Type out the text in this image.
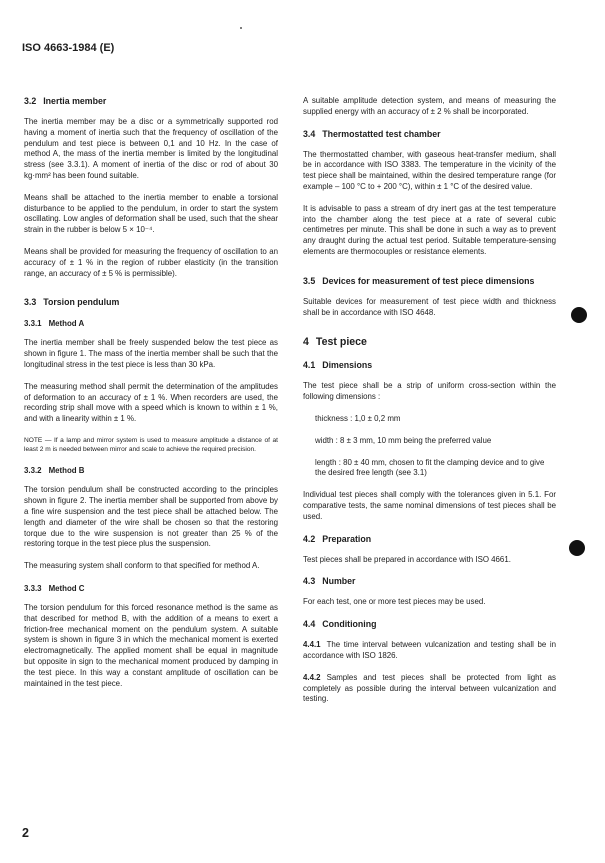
ISO 4663-1984 (E)
3.2 Inertia member

The inertia member may be a disc or a symmetrically supported rod having a moment of inertia such that the frequency of oscillation of the pendulum and test piece is between 0,1 and 10 Hz. In the case of method A, the mass of the inertia member is limited by the longitudinal stress (see 3.3.1). A moment of inertia of the disc or rod of about 30 kg·mm² has been found suitable.

Means shall be attached to the inertia member to enable a torsional disturbance to be applied to the pendulum, in order to start the system oscillating. Low angles of deformation shall be used, such that the shear strain in the rubber is below 5 × 10⁻⁴.

Means shall be provided for measuring the frequency of oscillation to an accuracy of ± 1 % in the region of rubber elasticity (in the transition range, an accuracy of ± 5 % is permissible).

3.3 Torsion pendulum
3.3.1 Method A

The inertia member shall be freely suspended below the test piece as shown in figure 1. The mass of the inertia member shall be such that the longitudinal stress in the test piece is less than 30 kPa.

The measuring method shall permit the determination of the amplitudes of deformation to an accuracy of ± 1 %. When recorders are used, the recording strip shall move with a speed which is known to within ± 1 %, and with a linearity within ± 1 %.

NOTE — If a lamp and mirror system is used to measure amplitude a distance of at least 2 m is needed between mirror and scale to achieve the required precision.

3.3.2 Method B

The torsion pendulum shall be constructed according to the principles shown in figure 2. The inertia member shall be supported from above by a fine wire suspension and the test piece shall be attached below. The length and diameter of the wire shall be chosen so that the restoring torque due to the wire suspension is not greater than 25 % of the restoring torque in the test piece plus the suspension.

The measuring system shall conform to that specified for method A.

3.3.3 Method C

The torsion pendulum for this forced resonance method is the same as that described for method B, with the addition of a means to exert a friction-free mechanical moment on the pendulum system. A suitable system is shown in figure 3 in which the mechanical moment is exerted electromagnetically. The applied moment shall be equal in magnitude but opposite in sign to the mechanical moment produced by damping in the test piece. In this way a constant amplitude of oscillation can be maintained in the test piece.

A suitable amplitude detection system, and means of measuring the supplied energy with an accuracy of ± 2 % shall be incorporated.

3.4 Thermostatted test chamber

The thermostatted chamber, with gaseous heat-transfer medium, shall be in accordance with ISO 3383. The temperature in the vicinity of the test piece shall be maintained, within the desired temperature range (for example – 100 °C to + 200 °C), within ± 1 °C of the desired value.

It is advisable to pass a stream of dry inert gas at the test temperature into the chamber along the test piece at a rate of several cubic centimetres per minute. This shall be done in such a way as to prevent any draught during the actual test period. Suitable temperature-sensing elements are thermocouples or resistance elements.

3.5 Devices for measurement of test piece dimensions

Suitable devices for measurement of test piece width and thickness shall be in accordance with ISO 4648.

4 Test piece
4.1 Dimensions

The test piece shall be a strip of uniform cross-section within the following dimensions :

thickness : 1,0 ± 0,2 mm

width : 8 ± 3 mm, 10 mm being the preferred value

length : 80 ± 40 mm, chosen to fit the clamping device and to give the desired free length (see 3.1)

Individual test pieces shall comply with the tolerances given in 5.1. For comparative tests, the same nominal dimensions of test pieces shall be used.

4.2 Preparation

Test pieces shall be prepared in accordance with ISO 4661.

4.3 Number

For each test, one or more test pieces may be used.

4.4 Conditioning

4.4.1 The time interval between vulcanization and testing shall be in accordance with ISO 1826.

4.4.2 Samples and test pieces shall be protected from light as completely as possible during the interval between vulcanization and testing.

2
